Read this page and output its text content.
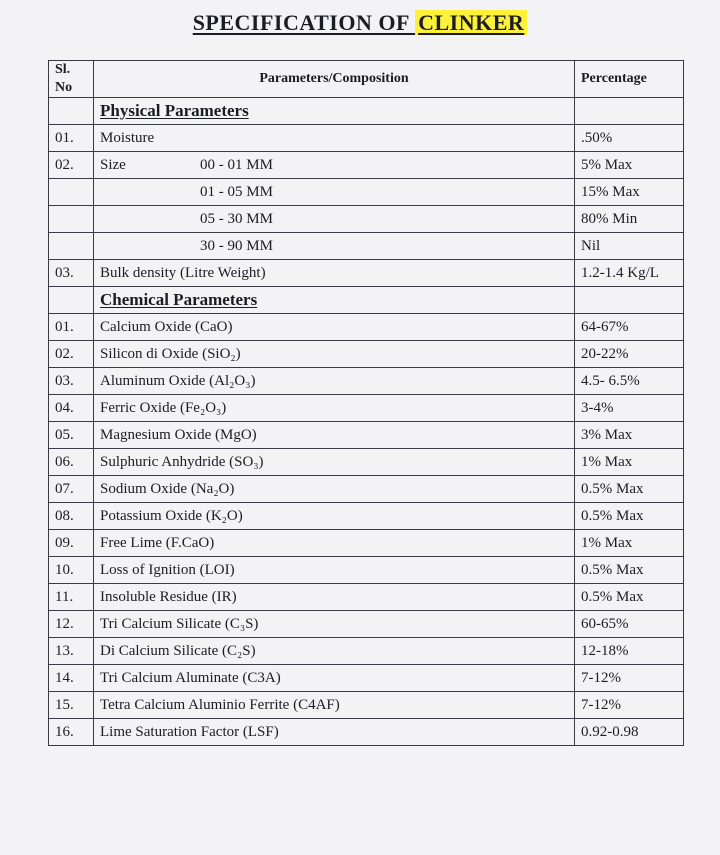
SPECIFICATION OF CLINKER
Sl.
No	Parameters/Composition	Percentage
	Physical Parameters	
01.	Moisture	.50%
02.	Size 00 - 01 MM	5% Max
	01 - 05 MM	15% Max
	05 - 30 MM	80% Min
	30 - 90 MM	Nil
03.	Bulk density (Litre Weight)	1.2-1.4 Kg/L
	Chemical Parameters	
01.	Calcium Oxide (CaO)	64-67%
02.	Silicon di Oxide (SiO₂)	20-22%
03.	Aluminum Oxide (Al₂O₃)	4.5- 6.5%
04.	Ferric Oxide (Fe₂O₃)	3-4%
05.	Magnesium Oxide (MgO)	3% Max
06.	Sulphuric Anhydride (SO₃)	1% Max
07.	Sodium Oxide (Na₂O)	0.5% Max
08.	Potassium Oxide (K₂O)	0.5% Max
09.	Free Lime (F.CaO)	1% Max
10.	Loss of Ignition (LOI)	0.5% Max
11.	Insoluble Residue (IR)	0.5% Max
12.	Tri Calcium Silicate (C₃S)	60-65%
13.	Di Calcium Silicate (C₂S)	12-18%
14.	Tri Calcium Aluminate (C3A)	7-12%
15.	Tetra Calcium Aluminio Ferrite (C4AF)	7-12%
16.	Lime Saturation Factor (LSF)	0.92-0.98
